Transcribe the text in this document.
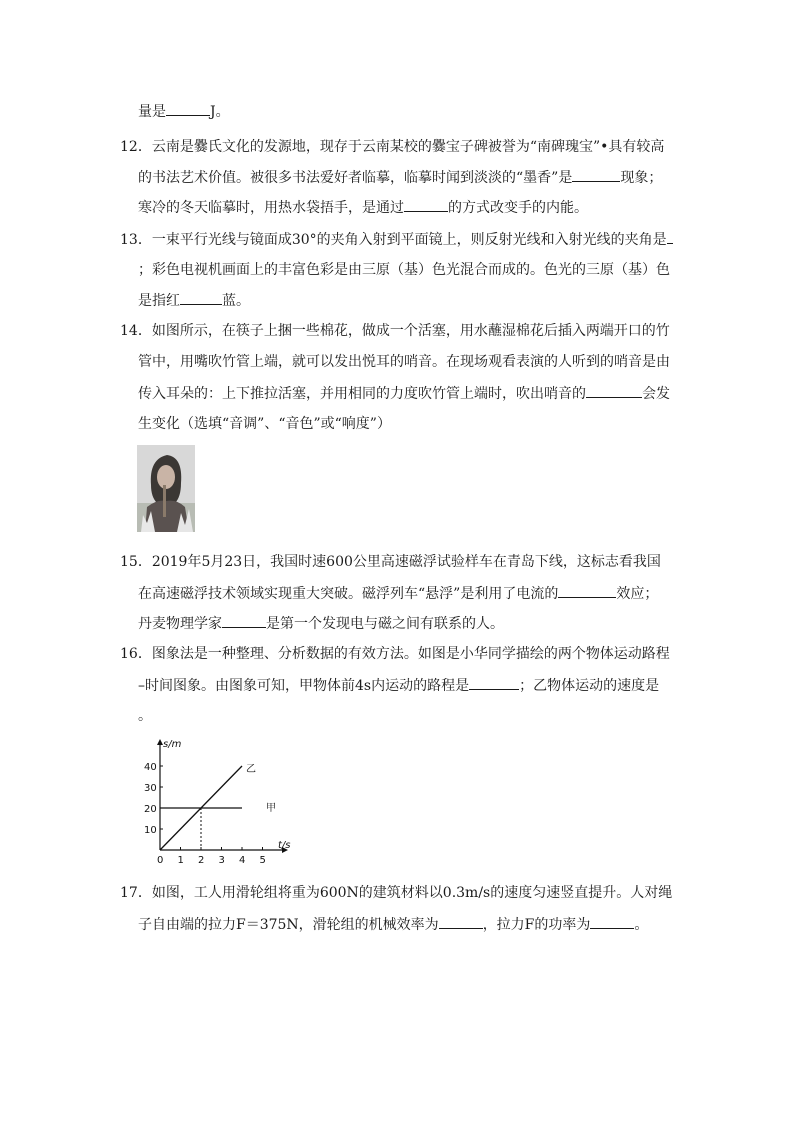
量是	J。
12．云南是爨氏文化的发源地，现存于云南某校的爨宝子碑被誉为“南碑瑰宝”•具有较高
的书法艺术价值。被很多书法爱好者临摹，临摹时闻到淡淡的“墨香”是	现象；
寒冷的冬天临摹时，用热水袋捂手，是通过	的方式改变手的内能。
13．一束平行光线与镜面成30°的夹角入射到平面镜上，则反射光线和入射光线的夹角是
；彩色电视机画面上的丰富色彩是由三原（基）色光混合而成的。色光的三原（基）色
是指红	蓝。
14．如图所示，在筷子上捆一些棉花，做成一个活塞，用水蘸湿棉花后插入两端开口的竹
管中，用嘴吹竹管上端，就可以发出悦耳的哨音。在现场观看表演的人听到的哨音是由
传入耳朵的：上下推拉活塞，并用相同的力度吹竹管上端时，吹出哨音的	会发
生变化（选填“音调”、“音色”或“响度”）
15．2019年5月23日，我国时速600公里高速磁浮试验样车在青岛下线，这标志看我国
在高速磁浮技术领域实现重大突破。磁浮列车“悬浮”是利用了电流的	效应；
丹麦物理学家	是第一个发现电与磁之间有联系的人。
16．图象法是一种整理、分析数据的有效方法。如图是小华同学描绘的两个物体运动路程
–时间图象。由图象可知，甲物体前4s内运动的路程是	；乙物体运动的速度是
。
s/m
t/s
0 1 2 3 4 5
10
20
30
40	乙
甲
17．如图，工人用滑轮组将重为600N的建筑材料以0.3m/s的速度匀速竖直提升。人对绳
子自由端的拉力F＝375N，滑轮组的机械效率为	，拉力F的功率为	。
